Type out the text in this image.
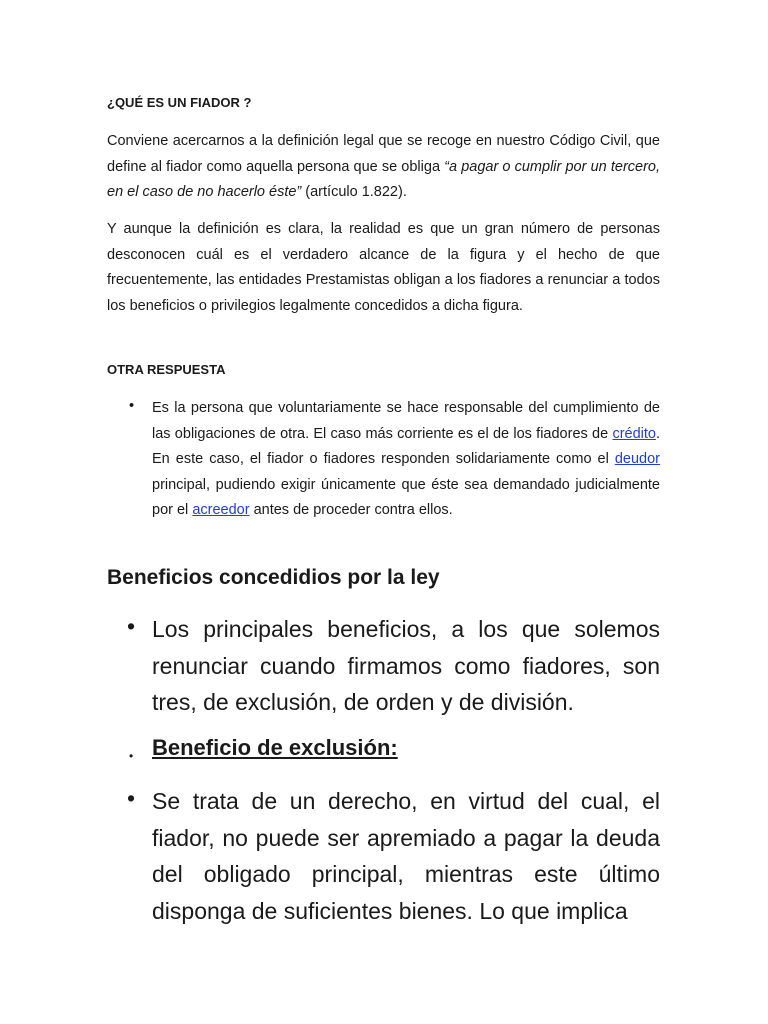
¿QUÉ ES UN FIADOR ?
Conviene acercarnos a la definición legal que se recoge en nuestro Código Civil, que define al fiador como aquella persona que se obliga “a pagar o cumplir por un tercero, en el caso de no hacerlo éste” (artículo 1.822).
Y aunque la definición es clara, la realidad es que un gran número de personas desconocen cuál es el verdadero alcance de la figura y el hecho de que frecuentemente, las entidades Prestamistas obligan a los fiadores a renunciar a todos los beneficios o privilegios legalmente concedidos a dicha figura.
OTRA RESPUESTA
• Es la persona que voluntariamente se hace responsable del cumplimiento de las obligaciones de otra. El caso más corriente es el de los fiadores de crédito. En este caso, el fiador o fiadores responden solidariamente como el deudor principal, pudiendo exigir únicamente que éste sea demandado judicialmente por el acreedor antes de proceder contra ellos.
Beneficios concedidios por la ley
• Los principales beneficios, a los que solemos renunciar cuando firmamos como fiadores, son tres, de exclusión, de orden y de división.
• Beneficio de exclusión:
• Se trata de un derecho, en virtud del cual, el fiador, no puede ser apremiado a pagar la deuda del obligado principal, mientras este último disponga de suficientes bienes. Lo que implica
